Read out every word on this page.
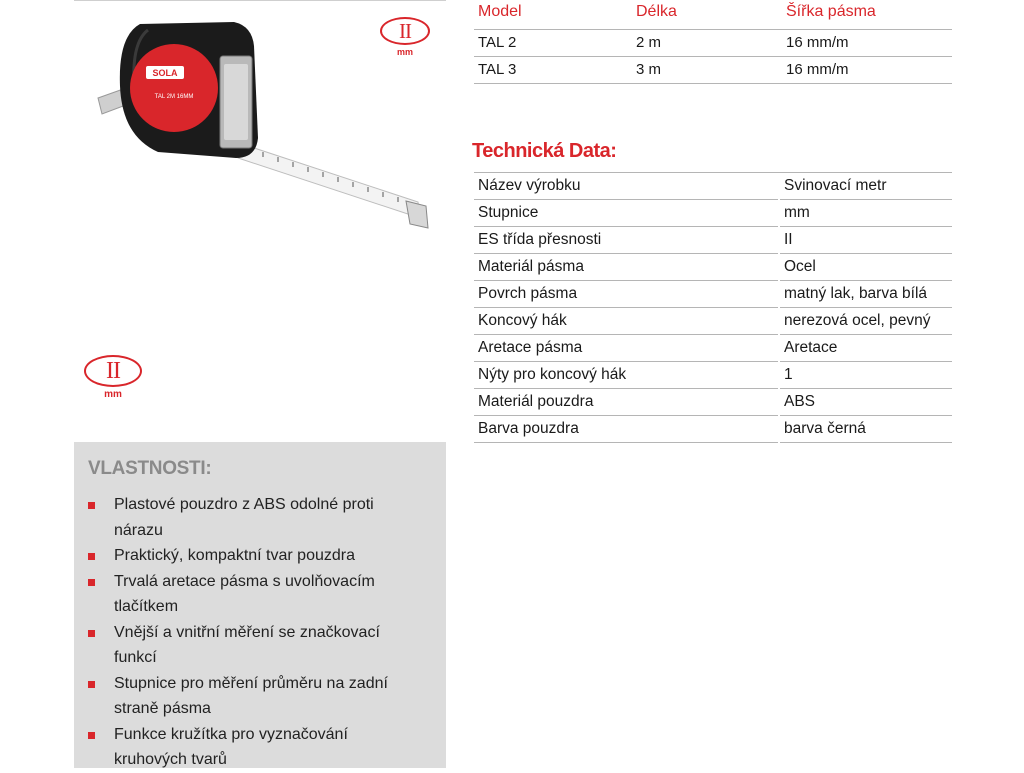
SOLA
TAL 2M 16MM
II
mm
Model	Délka	Šířka pásma
TAL 2	2 m	16 mm/m
TAL 3	3 m	16 mm/m
Technická Data:
Název výrobku	Svinovací metr
Stupnice	mm
ES třída přesnosti	II
Materiál pásma	Ocel
Povrch pásma	matný lak, barva bílá
Koncový hák	nerezová ocel, pevný
Aretace pásma	Aretace
Nýty pro koncový hák	1
Materiál pouzdra	ABS
Barva pouzdra	barva černá
II
mm
VLASTNOSTI:
Plastové pouzdro z ABS odolné proti nárazu
Praktický, kompaktní tvar pouzdra
Trvalá aretace pásma s uvolňovacím tlačítkem
Vnější a vnitřní měření se značkovací funkcí
Stupnice pro měření průměru na zadní straně pásma
Funkce kružítka pro vyznačování kruhových tvarů
